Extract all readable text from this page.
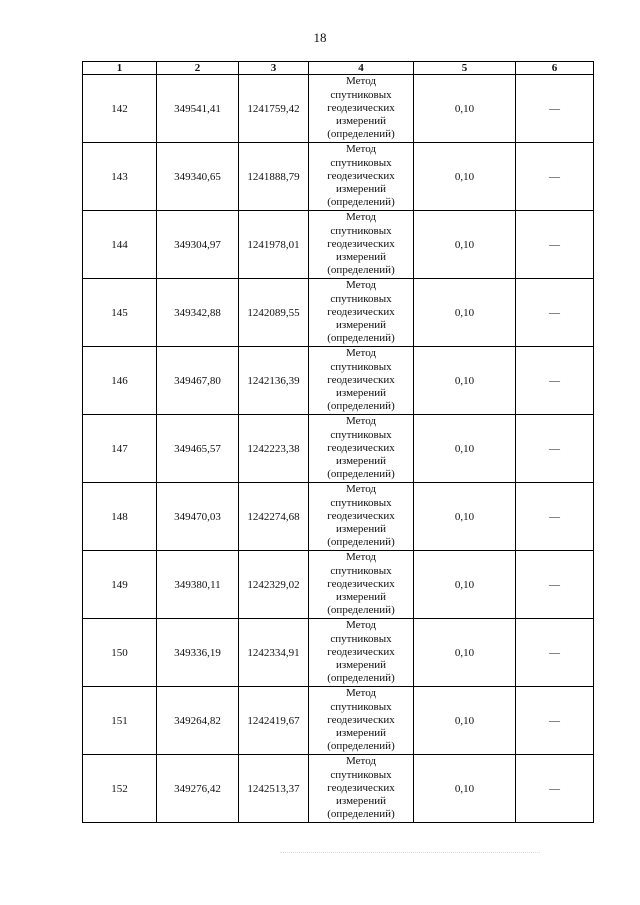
18
1	2	3	4	5	6
142	349541,41	1241759,42	Метод
спутниковых
геодезических
измерений
(определений)	0,10	—
143	349340,65	1241888,79	Метод
спутниковых
геодезических
измерений
(определений)	0,10	—
144	349304,97	1241978,01	Метод
спутниковых
геодезических
измерений
(определений)	0,10	—
145	349342,88	1242089,55	Метод
спутниковых
геодезических
измерений
(определений)	0,10	—
146	349467,80	1242136,39	Метод
спутниковых
геодезических
измерений
(определений)	0,10	—
147	349465,57	1242223,38	Метод
спутниковых
геодезических
измерений
(определений)	0,10	—
148	349470,03	1242274,68	Метод
спутниковых
геодезических
измерений
(определений)	0,10	—
149	349380,11	1242329,02	Метод
спутниковых
геодезических
измерений
(определений)	0,10	—
150	349336,19	1242334,91	Метод
спутниковых
геодезических
измерений
(определений)	0,10	—
151	349264,82	1242419,67	Метод
спутниковых
геодезических
измерений
(определений)	0,10	—
152	349276,42	1242513,37	Метод
спутниковых
геодезических
измерений
(определений)	0,10	—
